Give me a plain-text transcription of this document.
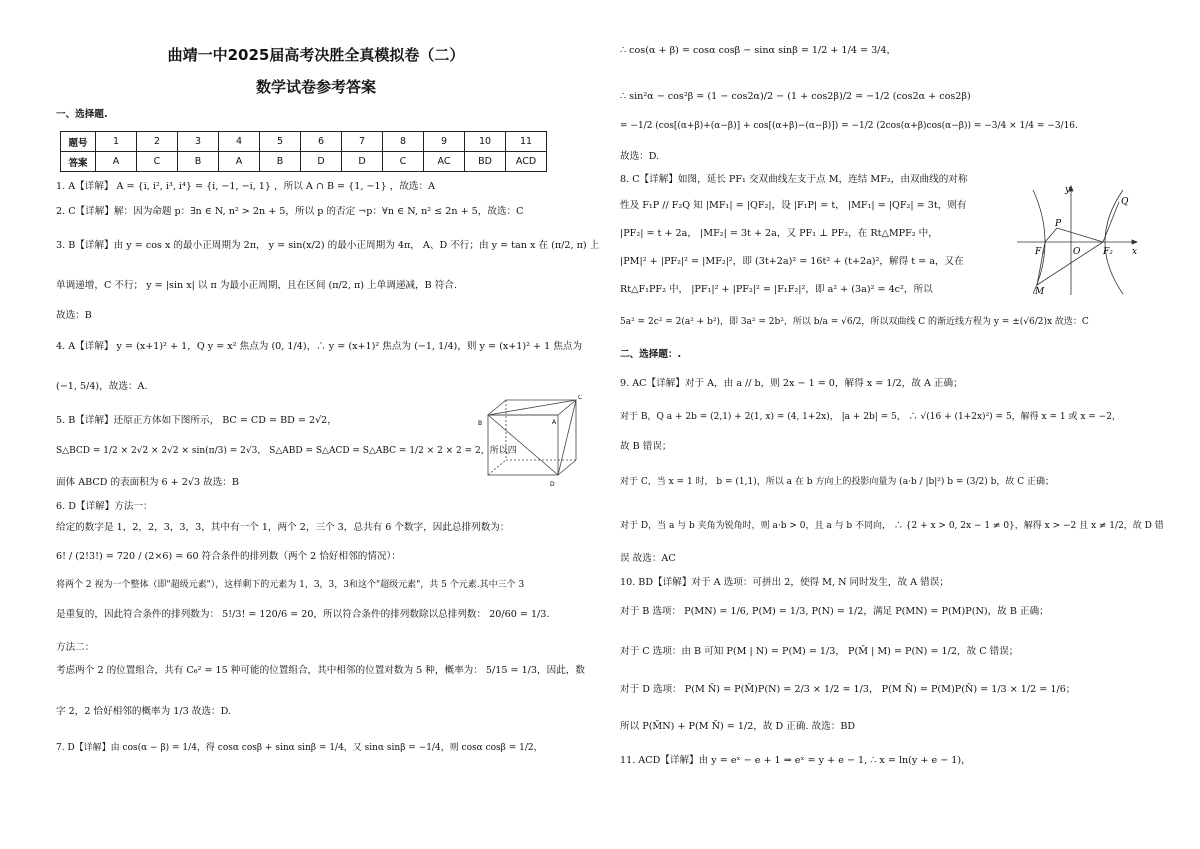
曲靖一中2025届高考决胜全真模拟卷（二）
数学试卷参考答案
一、选择题.
题号	1	2	3	4	5	6	7	8	9	10	11
答案	A	C	B	A	B	D	D	C	AC	BD	ACD
1. A【详解】 A = {i, i², i³, i⁴} = {i, −1, −i, 1} ，所以 A ∩ B = {1, −1} ，故选：A
2. C【详解】解：因为命题 p：∃n ∈ N, n² > 2n + 5，所以 p 的否定 ¬p：∀n ∈ N, n² ≤ 2n + 5，故选：C
3. B【详解】由 y = cos x 的最小正周期为 2π， y = sin(x/2) 的最小正周期为 4π， A、D 不行；由 y = tan x 在 (π/2, π) 上
单调递增，C 不行； y = |sin x| 以 π 为最小正周期，且在区间 (π/2, π) 上单调递减，B 符合.
故选：B
4. A【详解】 y = (x+1)² + 1，Q y = x² 焦点为 (0, 1/4)，∴ y = (x+1)² 焦点为 (−1, 1/4)，则 y = (x+1)² + 1 焦点为
(−1, 5/4)，故选：A.
5. B【详解】还原正方体如下图所示， BC = CD = BD = 2√2，
S△BCD = 1/2 × 2√2 × 2√2 × sin(π/3) = 2√3， S△ABD = S△ACD = S△ABC = 1/2 × 2 × 2 = 2，所以四
面体 ABCD 的表面积为 6 + 2√3 故选：B
6. D【详解】方法一：
给定的数字是 1，2，2，3，3，3，其中有一个 1，两个 2，三个 3，总共有 6 个数字，因此总排列数为：
6! / (2!3!) = 720 / (2×6) = 60 符合条件的排列数（两个 2 恰好相邻的情况）：
将两个 2 视为一个整体（即"超级元素"），这样剩下的元素为 1，3，3，3和这个"超级元素"，共 5 个元素.其中三个 3
是重复的，因此符合条件的排列数为： 5!/3! = 120/6 = 20，所以符合条件的排列数除以总排列数： 20/60 = 1/3.
方法二：
考虑两个 2 的位置组合，共有 C₆² = 15 种可能的位置组合，其中相邻的位置对数为 5 种，概率为： 5/15 = 1/3，因此，数
字 2，2 恰好相邻的概率为 1/3 故选：D.
7. D【详解】由 cos(α − β) = 1/4，得 cosα cosβ + sinα sinβ = 1/4，又 sinα sinβ = −1/4，则 cosα cosβ = 1/2，
B
C
A
D
∴ cos(α + β) = cosα cosβ − sinα sinβ = 1/2 + 1/4 = 3/4，
∴ sin²α − cos²β = (1 − cos2α)/2 − (1 + cos2β)/2 = −1/2 (cos2α + cos2β)
= −1/2 (cos[(α+β)+(α−β)] + cos[(α+β)−(α−β)]) = −1/2 (2cos(α+β)cos(α−β)) = −3/4 × 1/4 = −3/16.
故选：D.
8. C【详解】如图，延长 PF₁ 交双曲线左支于点 M，连结 MF₂，由双曲线的对称
性及 F₁P // F₂Q 知 |MF₁| = |QF₂|，设 |F₁P| = t， |MF₁| = |QF₂| = 3t，则有
|PF₂| = t + 2a， |MF₂| = 3t + 2a，又 PF₁ ⊥ PF₂，在 Rt△MPF₂ 中，
|PM|² + |PF₂|² = |MF₂|²，即 (3t+2a)² = 16t² + (t+2a)²，解得 t = a，又在
Rt△F₁PF₂ 中， |PF₁|² + |PF₂|² = |F₁F₂|²，即 a² + (3a)² = 4c²，所以
5a² = 2c² = 2(a² + b²)，即 3a² = 2b²，所以 b/a = √6/2，所以双曲线 C 的渐近线方程为 y = ±(√6/2)x 故选：C
二、选择题：.
9. AC【详解】对于 A，由 a // b，则 2x − 1 = 0，解得 x = 1/2，故 A 正确；
对于 B，Q a + 2b = (2,1) + 2(1, x) = (4, 1+2x)， |a + 2b| = 5， ∴ √(16 + (1+2x)²) = 5，解得 x = 1 或 x = −2，
故 B 错误；
对于 C，当 x = 1 时， b = (1,1)，所以 a 在 b 方向上的投影向量为 (a·b / |b|²) b = (3/2) b，故 C 正确；
对于 D，当 a 与 b 夹角为锐角时，则 a·b > 0，且 a 与 b 不同向， ∴ {2 + x > 0, 2x − 1 ≠ 0}，解得 x > −2 且 x ≠ 1/2，故 D 错
误 故选：AC
10. BD【详解】对于 A 选项：可拼出 2，使得 M, N 同时发生，故 A 错误；
对于 B 选项： P(MN) = 1/6, P(M) = 1/3, P(N) = 1/2，满足 P(MN) = P(M)P(N)，故 B 正确；
对于 C 选项：由 B 可知 P(M | N) = P(M) = 1/3， P(M̄ | M) = P(N) = 1/2，故 C 错误；
对于 D 选项： P(M N̄) = P(M̄)P(N) = 2/3 × 1/2 = 1/3， P(M N̄) = P(M)P(N̄) = 1/3 × 1/2 = 1/6；
所以 P(M̄N) + P(M N̄) = 1/2，故 D 正确. 故选：BD
11. ACD【详解】由 y = eˣ − e + 1 ⇒ eˣ = y + e − 1, ∴ x = ln(y + e − 1)，
y
x
O
P
Q
F₁	F₂
M
